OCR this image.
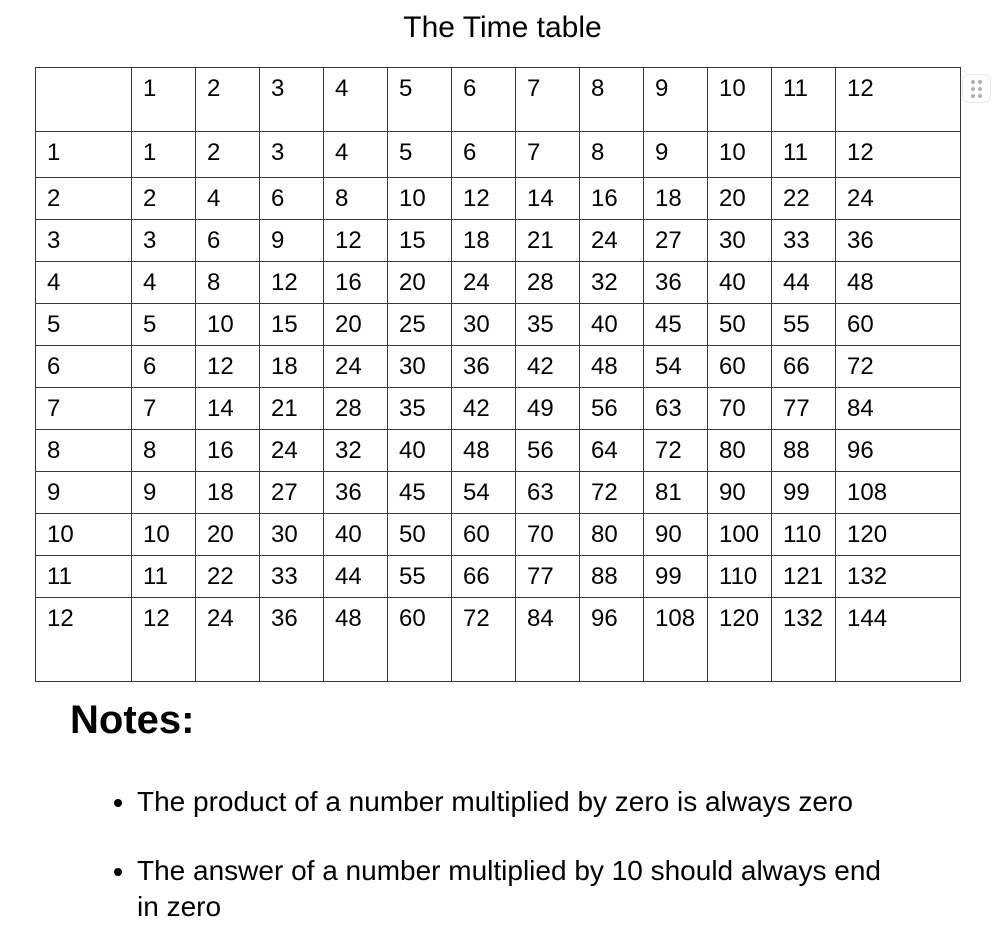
The Time table
	1	2	3	4	5	6	7	8	9	10	11	12
1	1	2	3	4	5	6	7	8	9	10	11	12
2	2	4	6	8	10	12	14	16	18	20	22	24
3	3	6	9	12	15	18	21	24	27	30	33	36
4	4	8	12	16	20	24	28	32	36	40	44	48
5	5	10	15	20	25	30	35	40	45	50	55	60
6	6	12	18	24	30	36	42	48	54	60	66	72
7	7	14	21	28	35	42	49	56	63	70	77	84
8	8	16	24	32	40	48	56	64	72	80	88	96
9	9	18	27	36	45	54	63	72	81	90	99	108
10	10	20	30	40	50	60	70	80	90	100	110	120
11	11	22	33	44	55	66	77	88	99	110	121	132
12	12	24	36	48	60	72	84	96	108	120	132	144
Notes:
• The product of a number multiplied by zero is always zero
• The answer of a number multiplied by 10 should always end in zero
